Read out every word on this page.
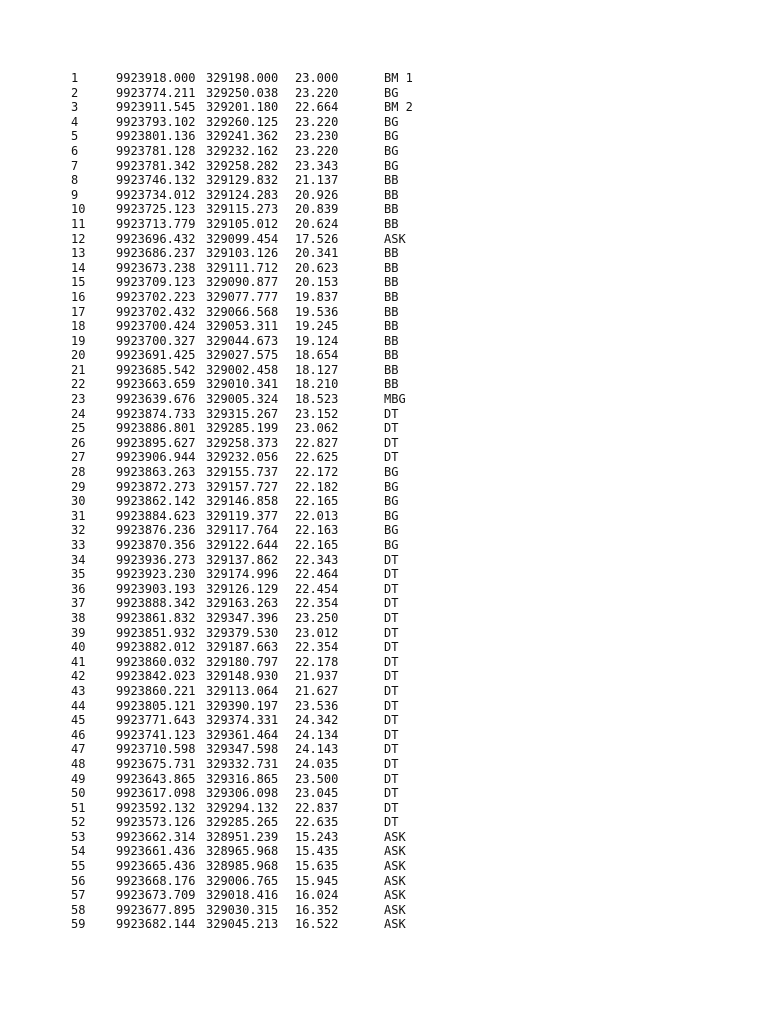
1	9923918.000 329198.000	23.000	BM 1
2	9923774.211 329250.038	23.220	BG
3	9923911.545 329201.180	22.664	BM 2
4	9923793.102 329260.125	23.220	BG
5	9923801.136 329241.362	23.230	BG
6	9923781.128 329232.162	23.220	BG
7	9923781.342 329258.282	23.343	BG
8	9923746.132 329129.832	21.137	BB
9	9923734.012 329124.283	20.926	BB
10	9923725.123 329115.273	20.839	BB
11	9923713.779 329105.012	20.624	BB
12	9923696.432 329099.454	17.526	ASK
13	9923686.237 329103.126	20.341	BB
14	9923673.238 329111.712	20.623	BB
15	9923709.123 329090.877	20.153	BB
16	9923702.223 329077.777	19.837	BB
17	9923702.432 329066.568	19.536	BB
18	9923700.424 329053.311	19.245	BB
19	9923700.327 329044.673	19.124	BB
20	9923691.425 329027.575	18.654	BB
21	9923685.542 329002.458	18.127	BB
22	9923663.659 329010.341	18.210	BB
23	9923639.676 329005.324	18.523	MBG
24	9923874.733 329315.267	23.152	DT
25	9923886.801 329285.199	23.062	DT
26	9923895.627 329258.373	22.827	DT
27	9923906.944 329232.056	22.625	DT
28	9923863.263 329155.737	22.172	BG
29	9923872.273 329157.727	22.182	BG
30	9923862.142 329146.858	22.165	BG
31	9923884.623 329119.377	22.013	BG
32	9923876.236 329117.764	22.163	BG
33	9923870.356 329122.644	22.165	BG
34	9923936.273 329137.862	22.343	DT
35	9923923.230 329174.996	22.464	DT
36	9923903.193 329126.129	22.454	DT
37	9923888.342 329163.263	22.354	DT
38	9923861.832 329347.396	23.250	DT
39	9923851.932 329379.530	23.012	DT
40	9923882.012 329187.663	22.354	DT
41	9923860.032 329180.797	22.178	DT
42	9923842.023 329148.930	21.937	DT
43	9923860.221 329113.064	21.627	DT
44	9923805.121 329390.197	23.536	DT
45	9923771.643 329374.331	24.342	DT
46	9923741.123 329361.464	24.134	DT
47	9923710.598 329347.598	24.143	DT
48	9923675.731 329332.731	24.035	DT
49	9923643.865 329316.865	23.500	DT
50	9923617.098 329306.098	23.045	DT
51	9923592.132 329294.132	22.837	DT
52	9923573.126 329285.265	22.635	DT
53	9923662.314 328951.239	15.243	ASK
54	9923661.436 328965.968	15.435	ASK
55	9923665.436 328985.968	15.635	ASK
56	9923668.176 329006.765	15.945	ASK
57	9923673.709 329018.416	16.024	ASK
58	9923677.895 329030.315	16.352	ASK
59	9923682.144 329045.213	16.522	ASK
